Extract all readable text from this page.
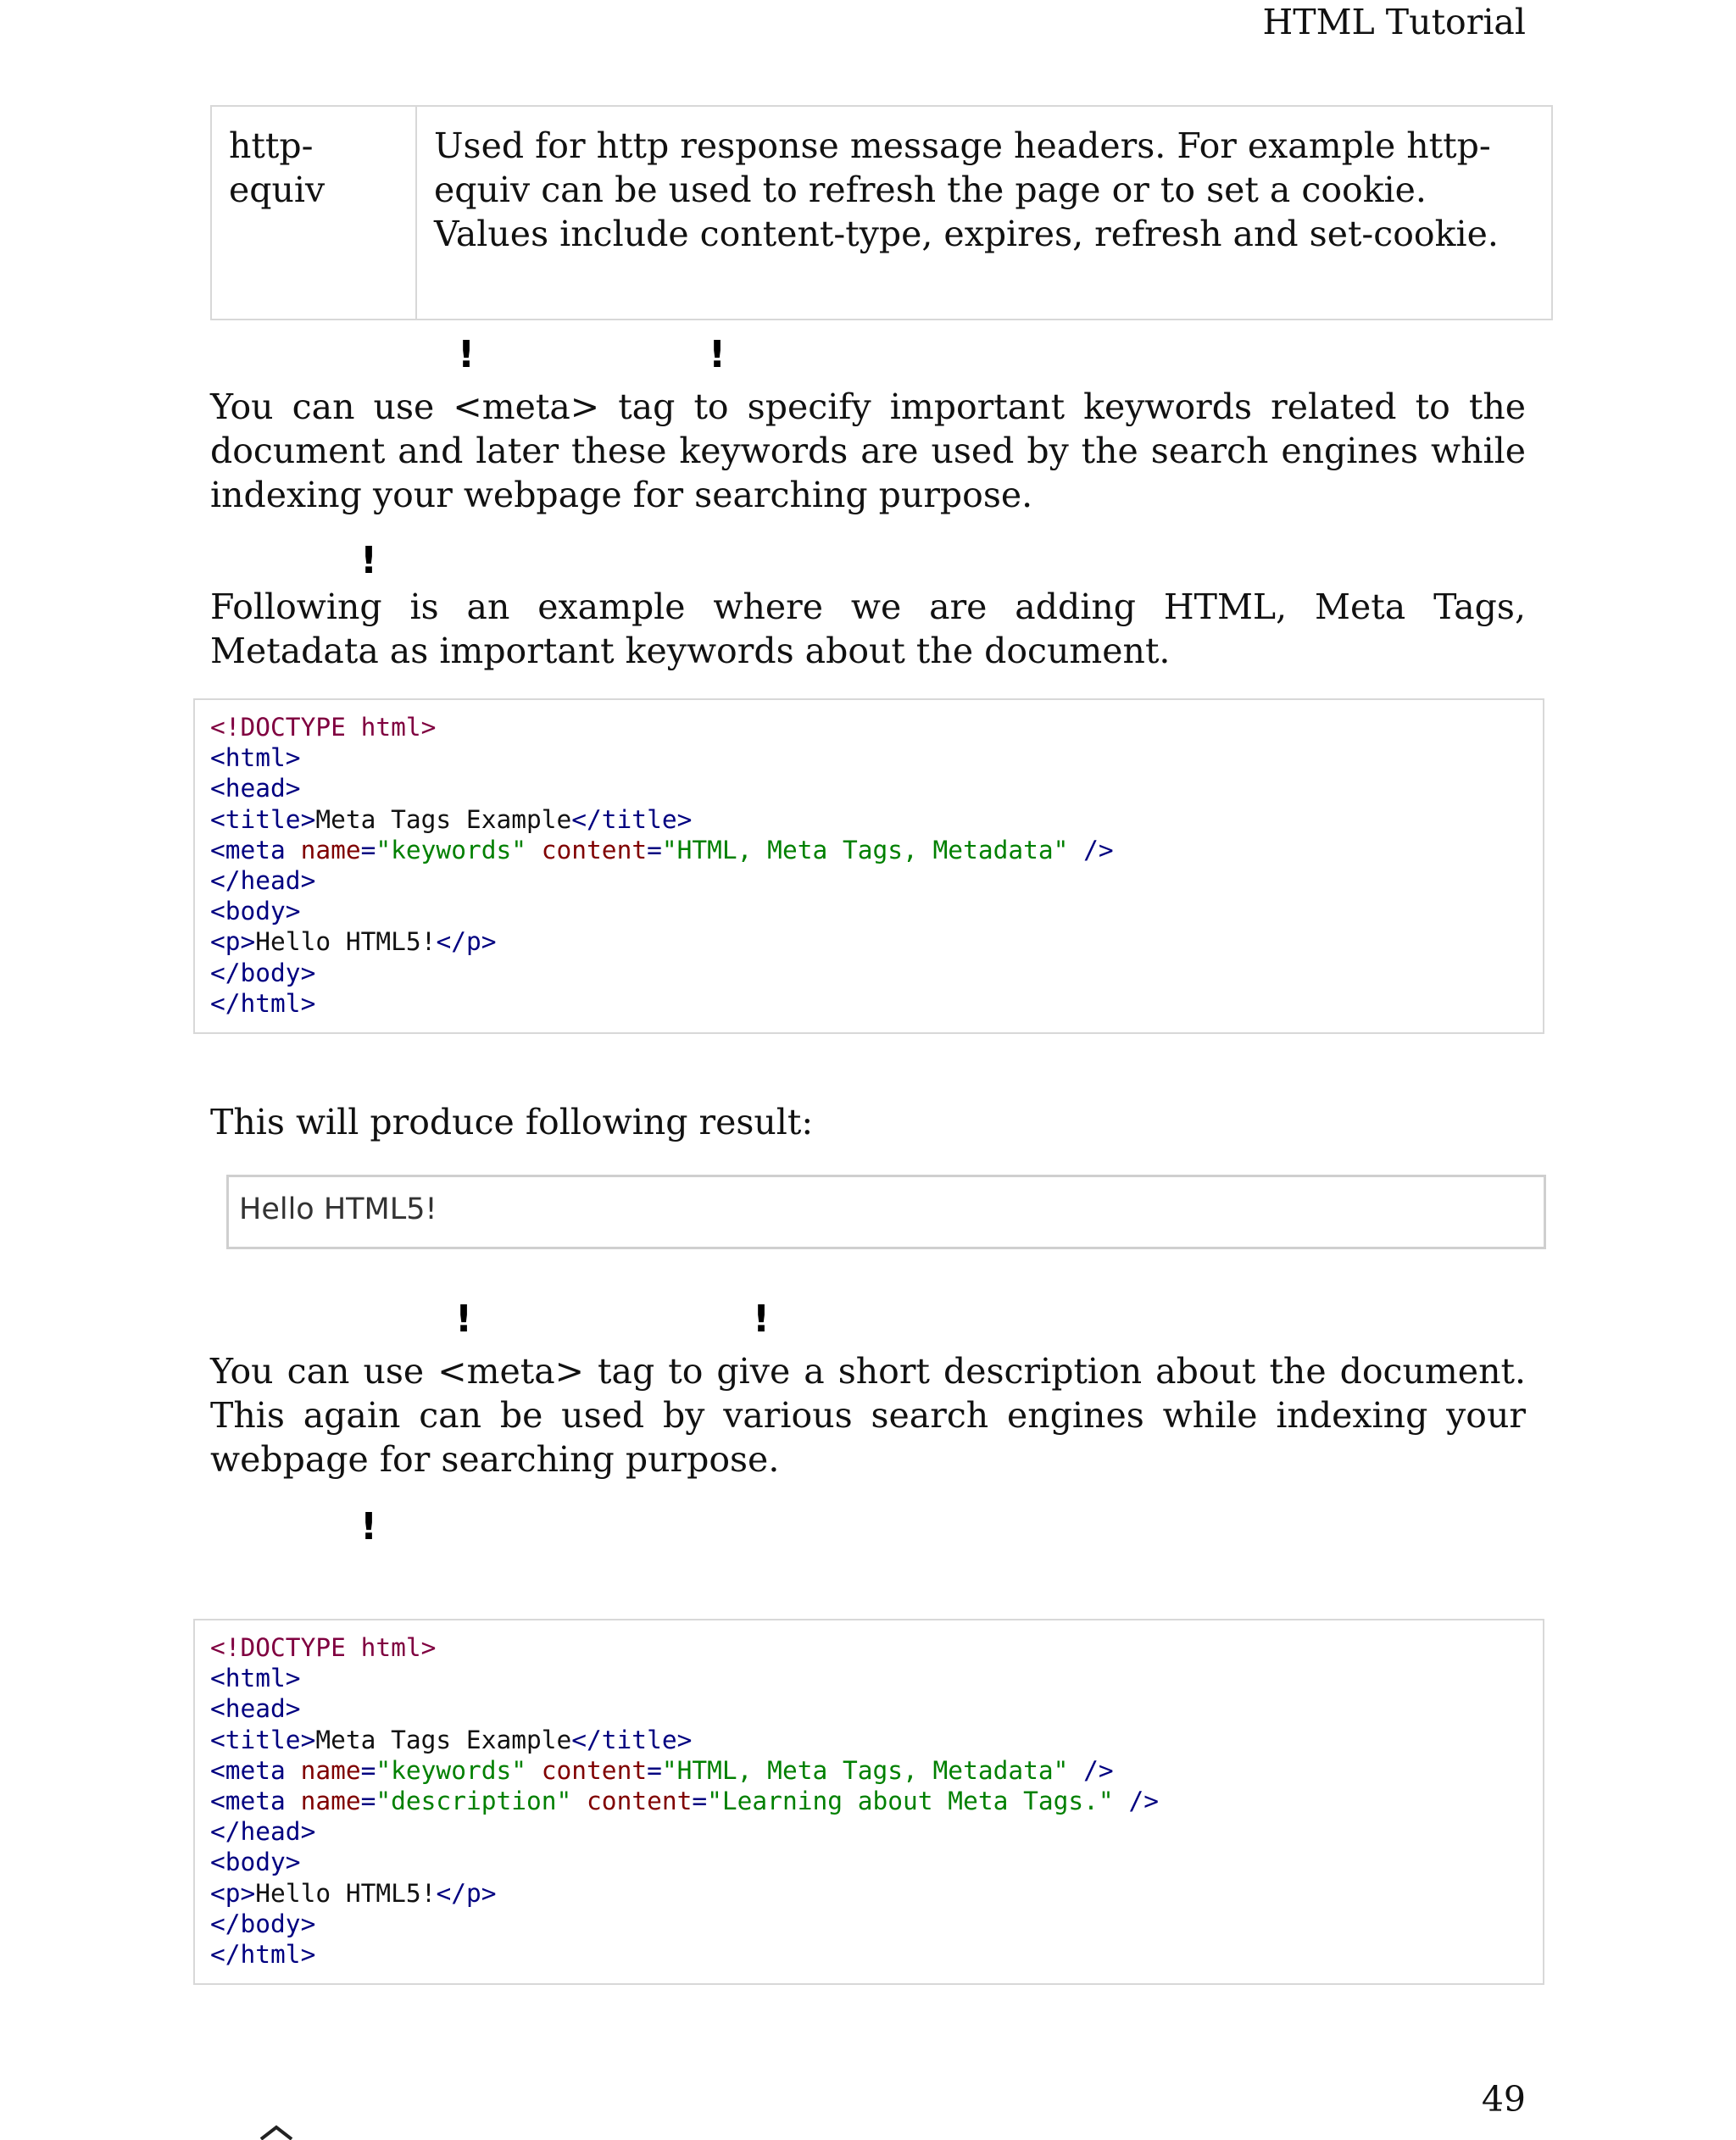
HTML Tutorial
http-
equiv
Used for http response message headers. For example http-equiv can be used to refresh the page or to set a cookie. Values include content-type, expires, refresh and set-cookie.
!	!
You can use <meta> tag to specify important keywords related to the document and later these keywords are used by the search engines while indexing your webpage for searching purpose.
!
Following is an example where we are adding HTML, Meta Tags, Metadata as important keywords about the document.
<!DOCTYPE html>
<html>
<head>
<title>Meta Tags Example</title>
<meta name="keywords" content="HTML, Meta Tags, Metadata" />
</head>
<body>
<p>Hello HTML5!</p>
</body>
</html>
This will produce following result:
Hello HTML5!
!	!
You can use <meta> tag to give a short description about the document. This again can be used by various search engines while indexing your webpage for searching purpose.
!
<!DOCTYPE html>
<html>
<head>
<title>Meta Tags Example</title>
<meta name="keywords" content="HTML, Meta Tags, Metadata" />
<meta name="description" content="Learning about Meta Tags." />
</head>
<body>
<p>Hello HTML5!</p>
</body>
</html>
49
